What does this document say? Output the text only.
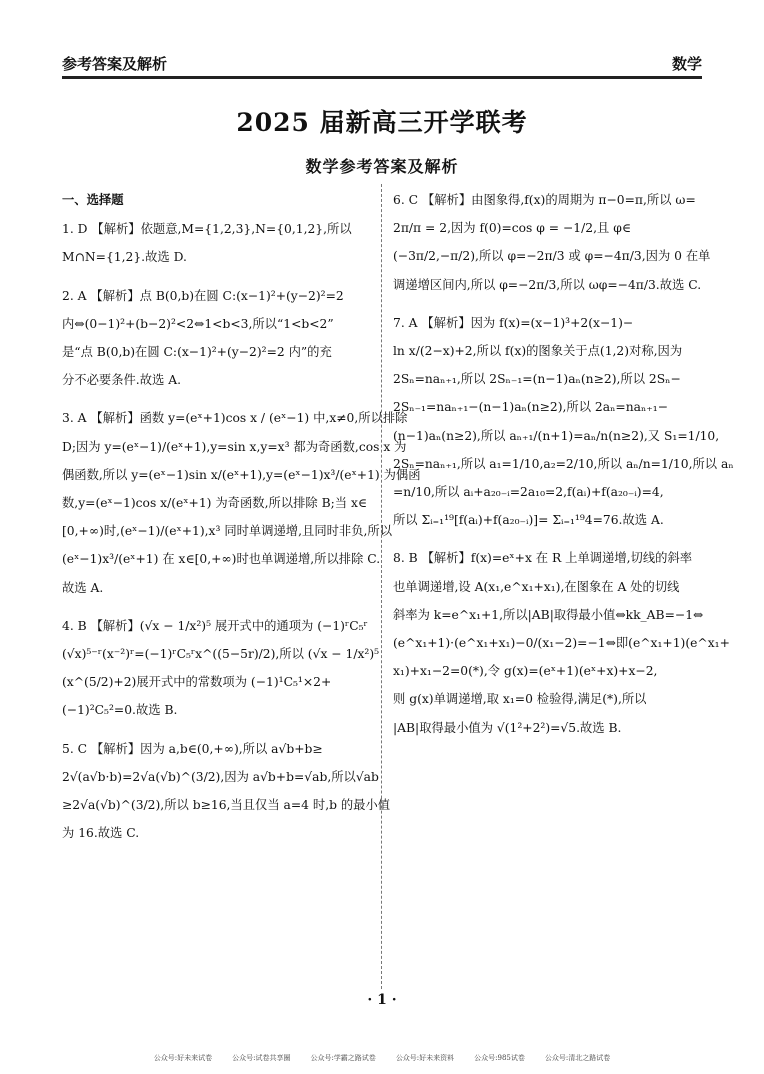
参考答案及解析	数学
2025 届新高三开学联考
数学参考答案及解析
一、选择题
1. D 【解析】依题意,M={1,2,3},N={0,1,2},所以
M∩N={1,2}.故选 D.
2. A 【解析】点 B(0,b)在圆 C:(x−1)²+(y−2)²=2
内⇔(0−1)²+(b−2)²<2⇔1<b<3,所以“1<b<2”
是“点 B(0,b)在圆 C:(x−1)²+(y−2)²=2 内”的充
分不必要条件.故选 A.
3. A 【解析】函数 y=(eˣ+1)cos x / (eˣ−1) 中,x≠0,所以排除
D;因为 y=(eˣ−1)/(eˣ+1),y=sin x,y=x³ 都为奇函数,cos x 为
偶函数,所以 y=(eˣ−1)sin x/(eˣ+1),y=(eˣ−1)x³/(eˣ+1) 为偶函
数,y=(eˣ−1)cos x/(eˣ+1) 为奇函数,所以排除 B;当 x∈
[0,+∞)时,(eˣ−1)/(eˣ+1),x³ 同时单调递增,且同时非负,所以
(eˣ−1)x³/(eˣ+1) 在 x∈[0,+∞)时也单调递增,所以排除 C.
故选 A.
4. B 【解析】(√x − 1/x²)⁵ 展开式中的通项为 (−1)ʳC₅ʳ
(√x)⁵⁻ʳ(x⁻²)ʳ=(−1)ʳC₅ʳx^((5−5r)/2),所以 (√x − 1/x²)⁵
(x^(5/2)+2)展开式中的常数项为 (−1)¹C₅¹×2+
(−1)²C₅²=0.故选 B.
5. C 【解析】因为 a,b∈(0,+∞),所以 a√b+b≥
2√(a√b·b)=2√a(√b)^(3/2),因为 a√b+b=√ab,所以√ab
≥2√a(√b)^(3/2),所以 b≥16,当且仅当 a=4 时,b 的最小值
为 16.故选 C.
6. C 【解析】由图象得,f(x)的周期为 π−0=π,所以 ω=
2π/π = 2,因为 f(0)=cos φ = −1/2,且 φ∈
(−3π/2,−π/2),所以 φ=−2π/3 或 φ=−4π/3,因为 0 在单
调递增区间内,所以 φ=−2π/3,所以 ωφ=−4π/3.故选 C.
7. A 【解析】因为 f(x)=(x−1)³+2(x−1)−
ln x/(2−x)+2,所以 f(x)的图象关于点(1,2)对称,因为
2Sₙ=naₙ₊₁,所以 2Sₙ₋₁=(n−1)aₙ(n≥2),所以 2Sₙ−
2Sₙ₋₁=naₙ₊₁−(n−1)aₙ(n≥2),所以 2aₙ=naₙ₊₁−
(n−1)aₙ(n≥2),所以 aₙ₊₁/(n+1)=aₙ/n(n≥2),又 S₁=1/10,
2Sₙ=naₙ₊₁,所以 a₁=1/10,a₂=2/10,所以 aₙ/n=1/10,所以 aₙ
=n/10,所以 aᵢ+a₂₀₋ᵢ=2a₁₀=2,f(aᵢ)+f(a₂₀₋ᵢ)=4,
所以 Σᵢ₌₁¹⁹[f(aᵢ)+f(a₂₀₋ᵢ)]= Σᵢ₌₁¹⁹4=76.故选 A.
8. B 【解析】f(x)=eˣ+x 在 R 上单调递增,切线的斜率
也单调递增,设 A(x₁,e^x₁+x₁),在图象在 A 处的切线
斜率为 k=e^x₁+1,所以|AB|取得最小值⇔kk_AB=−1⇔
(e^x₁+1)·(e^x₁+x₁)−0/(x₁−2)=−1⇔即(e^x₁+1)(e^x₁+
x₁)+x₁−2=0(*),令 g(x)=(eˣ+1)(eˣ+x)+x−2,
则 g(x)单调递增,取 x₁=0 检验得,满足(*),所以
|AB|取得最小值为 √(1²+2²)=√5.故选 B.
· 1 ·
公众号:好未来试卷	公众号:试卷共享圈	公众号:学霸之路试卷	公众号:好未来资料	公众号:985试卷	公众号:清北之路试卷
